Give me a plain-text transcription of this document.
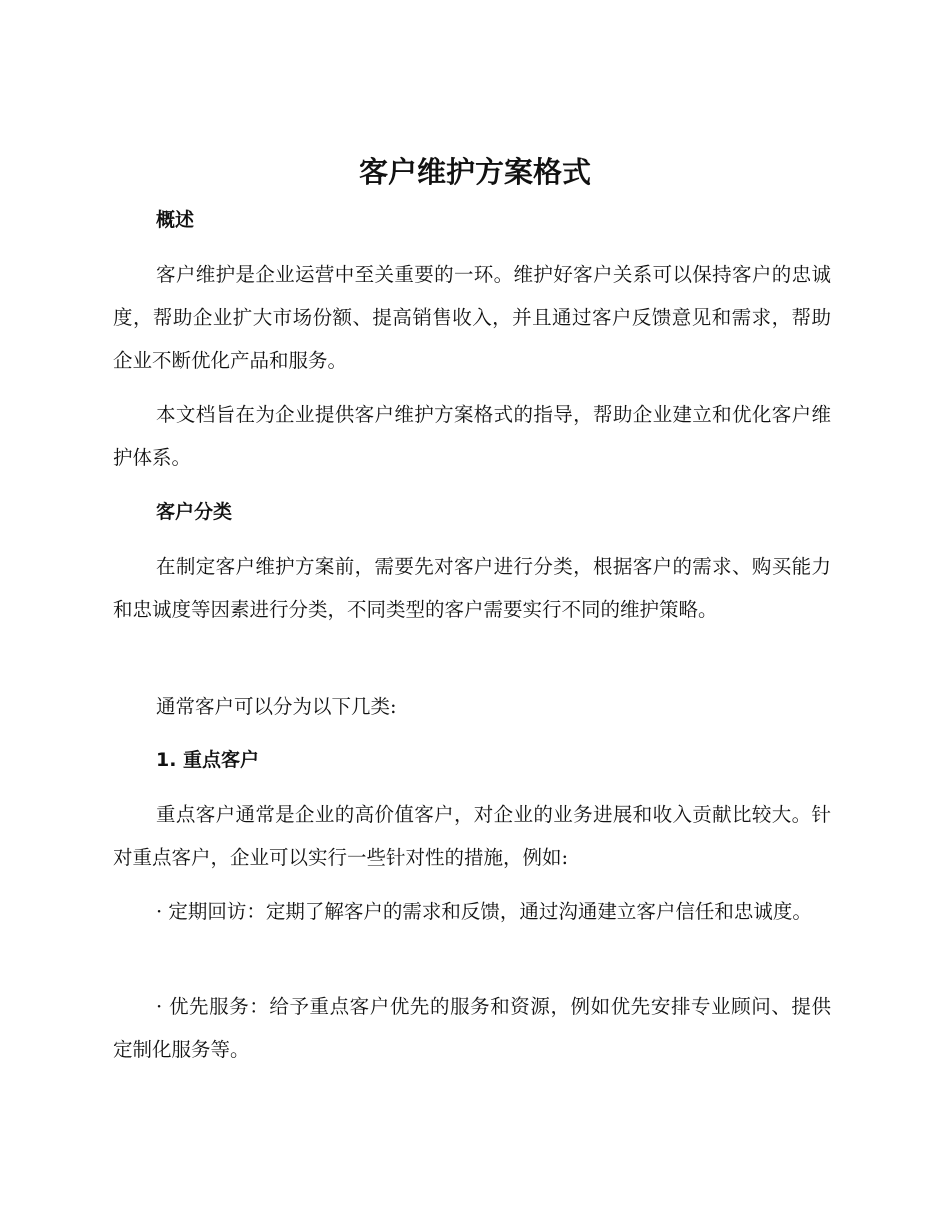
客户维护方案格式
概述

客户维护是企业运营中至关重要的一环。维护好客户关系可以保持客户的忠诚度，帮助企业扩大市场份额、提高销售收入，并且通过客户反馈意见和需求，帮助企业不断优化产品和服务。

本文档旨在为企业提供客户维护方案格式的指导，帮助企业建立和优化客户维护体系。

客户分类

在制定客户维护方案前，需要先对客户进行分类，根据客户的需求、购买能力和忠诚度等因素进行分类，不同类型的客户需要实行不同的维护策略。

通常客户可以分为以下几类:

1. 重点客户

重点客户通常是企业的高价值客户，对企业的业务进展和收入贡献比较大。针对重点客户，企业可以实行一些针对性的措施，例如:

· 定期回访：定期了解客户的需求和反馈，通过沟通建立客户信任和忠诚度。

· 优先服务：给予重点客户优先的服务和资源，例如优先安排专业顾问、提供定制化服务等。
